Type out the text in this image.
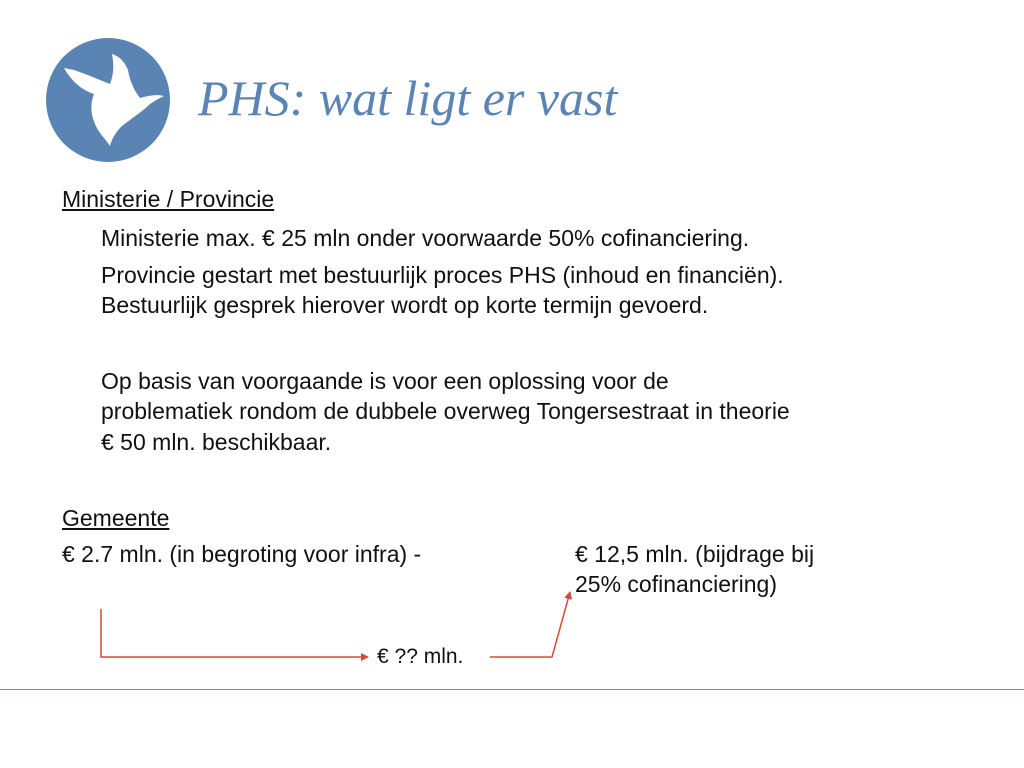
PHS: wat ligt er vast
Ministerie / Provincie
Ministerie max. € 25 mln onder voorwaarde 50% cofinanciering.
Provincie gestart met bestuurlijk proces PHS (inhoud en financiën).
Bestuurlijk gesprek hierover wordt op korte termijn gevoerd.
Op basis van voorgaande is voor een oplossing voor de
problematiek rondom de dubbele overweg Tongersestraat in theorie
€ 50 mln. beschikbaar.
Gemeente
€ 2.7 mln. (in begroting voor infra) -	€ 12,5 mln. (bijdrage bij
25% cofinanciering)
€ ?? mln.
